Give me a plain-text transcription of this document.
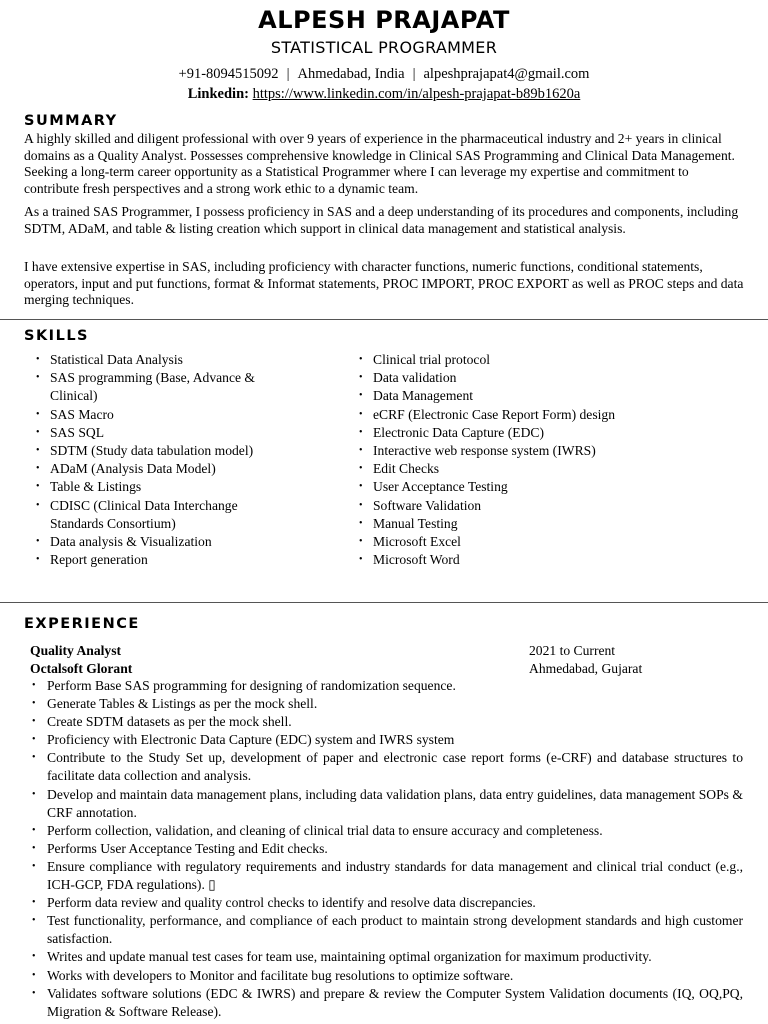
ALPESH PRAJAPAT
STATISTICAL PROGRAMMER
+91-8094515092 | Ahmedabad, India | alpeshprajapat4@gmail.com
Linkedin: https://www.linkedin.com/in/alpesh-prajapat-b89b1620a
SUMMARY

A highly skilled and diligent professional with over 9 years of experience in the pharmaceutical industry and 2+ years in clinical domains as a Quality Analyst. Possesses comprehensive knowledge in Clinical SAS Programming and Clinical Data Management. Seeking a long-term career opportunity as a Statistical Programmer where I can leverage my expertise and commitment to contribute fresh perspectives and a strong work ethic to a dynamic team.

As a trained SAS Programmer, I possess proficiency in SAS and a deep understanding of its procedures and components, including SDTM, ADaM, and table & listing creation which support in clinical data management and statistical analysis.

I have extensive expertise in SAS, including proficiency with character functions, numeric functions, conditional statements, operators, input and put functions, format & Informat statements, PROC IMPORT, PROC EXPORT as well as PROC steps and data merging techniques.

SKILLS
• Statistical Data Analysis
• SAS programming (Base, Advance & Clinical)
• SAS Macro
• SAS SQL
• SDTM (Study data tabulation model)
• ADaM (Analysis Data Model)
• Table & Listings
• CDISC (Clinical Data Interchange Standards Consortium)
• Data analysis & Visualization
• Report generation
• Clinical trial protocol
• Data validation
• Data Management
• eCRF (Electronic Case Report Form) design
• Electronic Data Capture (EDC)
• Interactive web response system (IWRS)
• Edit Checks
• User Acceptance Testing
• Software Validation
• Manual Testing
• Microsoft Excel
• Microsoft Word
EXPERIENCE
Quality Analyst
Octalsoft Glorant
2021 to Current
Ahmedabad, Gujarat
• Perform Base SAS programming for designing of randomization sequence.
• Generate Tables & Listings as per the mock shell.
• Create SDTM datasets as per the mock shell.
• Proficiency with Electronic Data Capture (EDC) system and IWRS system
• Contribute to the Study Set up, development of paper and electronic case report forms (e-CRF) and database structures to facilitate data collection and analysis.
• Develop and maintain data management plans, including data validation plans, data entry guidelines, data management SOPs & CRF annotation.
• Perform collection, validation, and cleaning of clinical trial data to ensure accuracy and completeness.
• Performs User Acceptance Testing and Edit checks.
• Ensure compliance with regulatory requirements and industry standards for data management and clinical trial conduct (e.g., ICH-GCP, FDA regulations). ▯
• Perform data review and quality control checks to identify and resolve data discrepancies.
• Test functionality, performance, and compliance of each product to maintain strong development standards and high customer satisfaction.
• Writes and update manual test cases for team use, maintaining optimal organization for maximum productivity.
• Works with developers to Monitor and facilitate bug resolutions to optimize software.
• Validates software solutions (EDC & IWRS) and prepare & review the Computer System Validation documents (IQ, OQ,PQ, Migration & Software Release).
